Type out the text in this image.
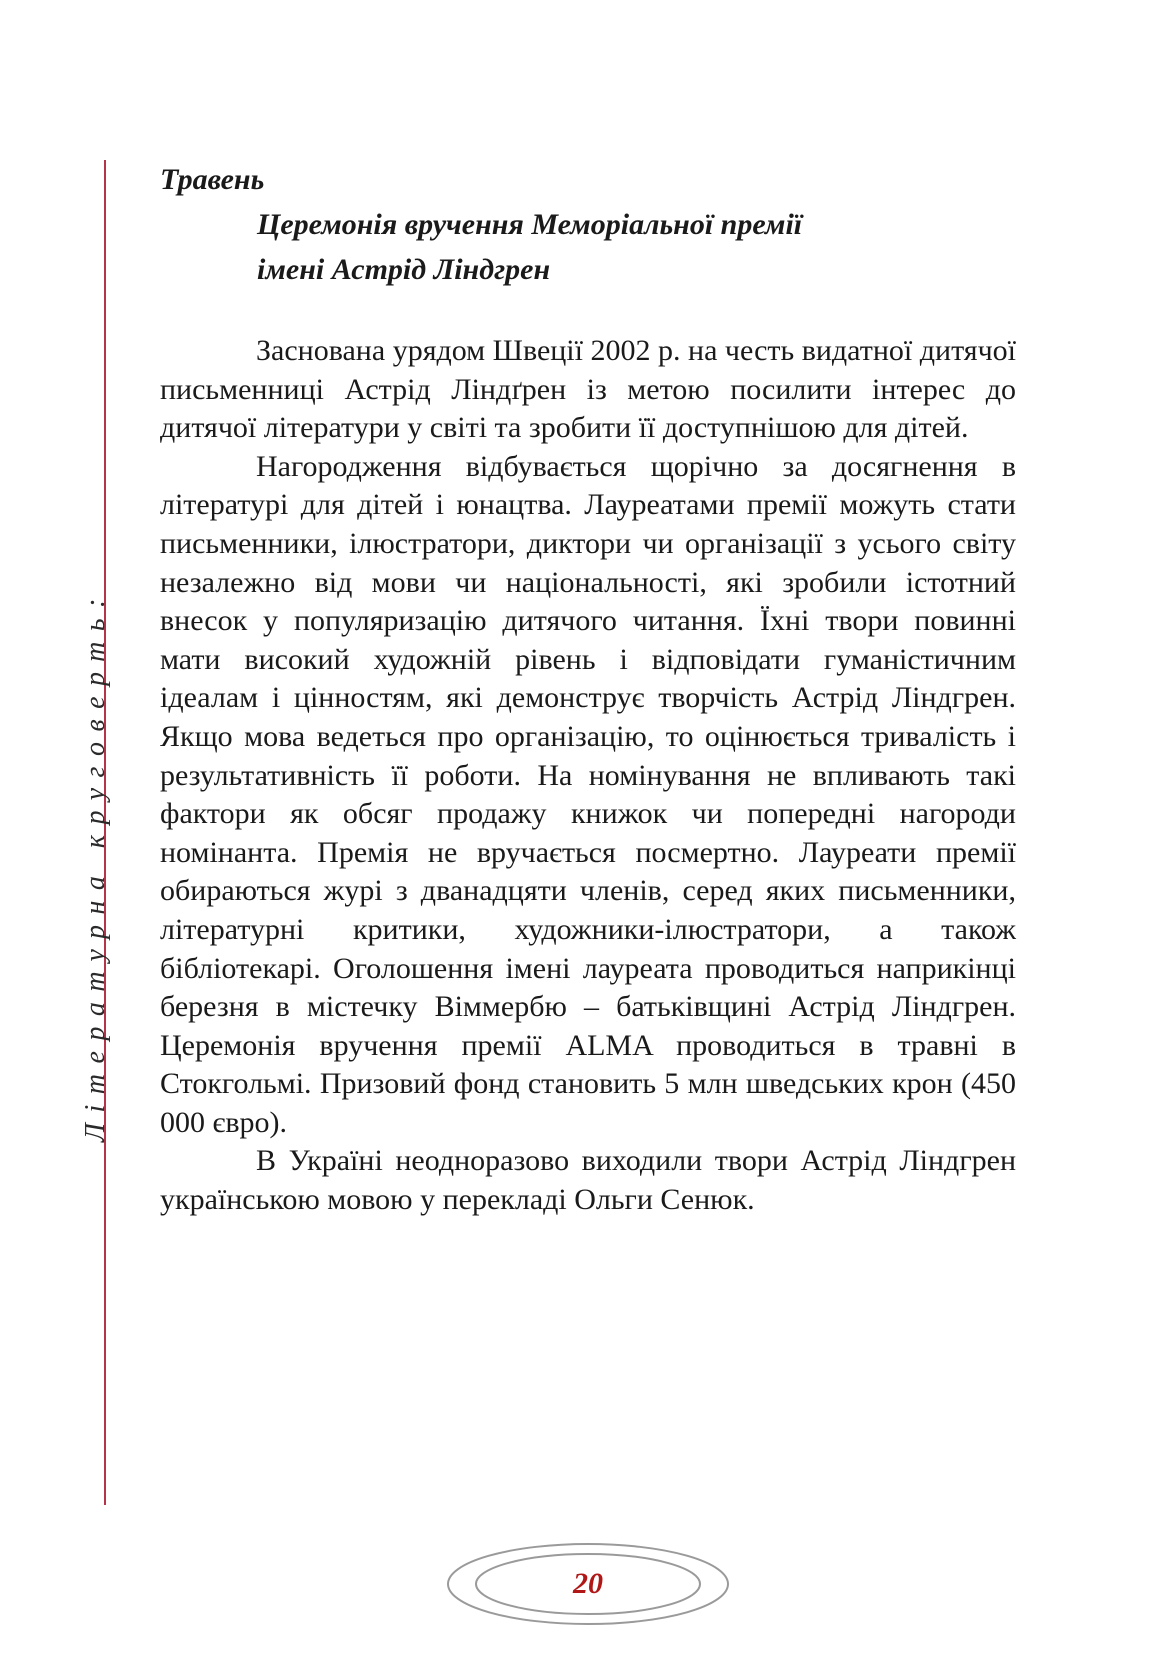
Літературна круговерть:

Травень

Церемонія вручення Меморіальної премії

імені Астрід Ліндгрен

Заснована урядом Швеції 2002 р. на честь видатної дитячої письменниці Астрід Ліндґрен із метою посилити інтерес до дитячої літератури у світі та зробити її доступнішою для дітей.

Нагородження відбувається щорічно за досягнення в літературі для дітей і юнацтва. Лауреатами премії можуть стати письменники, ілюстратори, диктори чи організації з усього світу незалежно від мови чи національності, які зробили істотний внесок у популяризацію дитячого читання. Їхні твори повинні мати високий художній рівень і відповідати гуманістичним ідеалам і цінностям, які демонструє творчість Астрід Ліндгрен. Якщо мова ведеться про організацію, то оцінюється тривалість і результативність її роботи. На номінування не впливають такі фактори як обсяг продажу книжок чи попередні нагороди номінанта. Премія не вручається посмертно. Лауреати премії обираються журі з дванадцяти членів, серед яких письменники, літературні критики, художники-ілюстратори, а також бібліотекарі. Оголошення імені лауреата проводиться наприкінці березня в містечку Віммербю – батьківщині Астрід Ліндгрен. Церемонія вручення премії ALMA проводиться в травні в Стокгольмі. Призовий фонд становить 5 млн шведських крон (450 000 євро).

В Україні неодноразово виходили твори Астрід Ліндгрен українською мовою у перекладі Ольги Сенюк.

20
